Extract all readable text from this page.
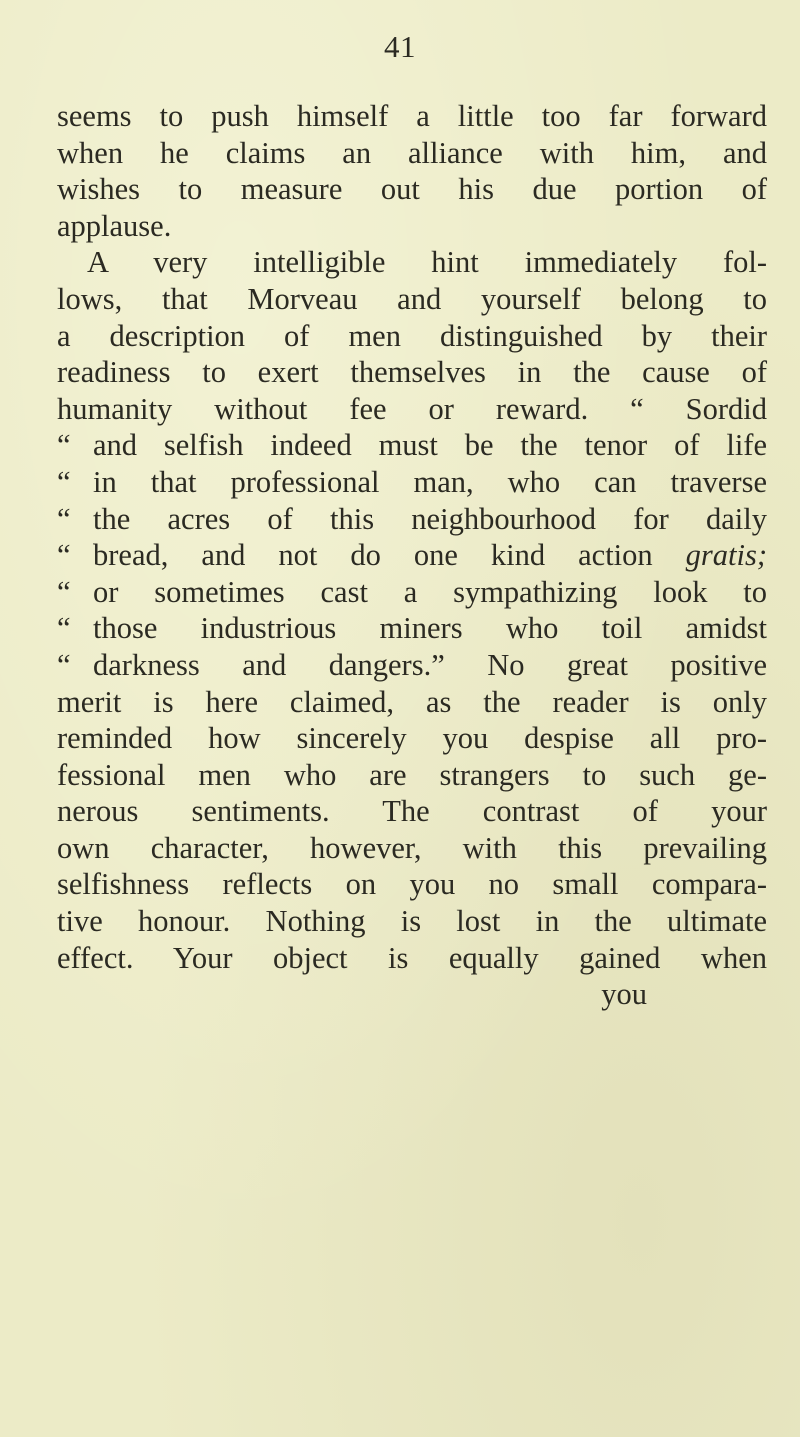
41
seems to push himself a little too far forward
when he claims an alliance with him, and
wishes to measure out his due portion of
applause.
A very intelligible hint immediately fol-
lows, that Morveau and yourself belong to
a description of men distinguished by their
readiness to exert themselves in the cause of
humanity without fee or reward. “ Sordid
“ and selfish indeed must be the tenor of life
“ in that professional man, who can traverse
“ the acres of this neighbourhood for daily
“ bread, and not do one kind action gratis;
“ or sometimes cast a sympathizing look to
“ those industrious miners who toil amidst
“ darkness and dangers.” No great positive
merit is here claimed, as the reader is only
reminded how sincerely you despise all pro-
fessional men who are strangers to such ge-
nerous sentiments. The contrast of your
own character, however, with this prevailing
selfishness reflects on you no small compara-
tive honour. Nothing is lost in the ultimate
effect. Your object is equally gained when
you
